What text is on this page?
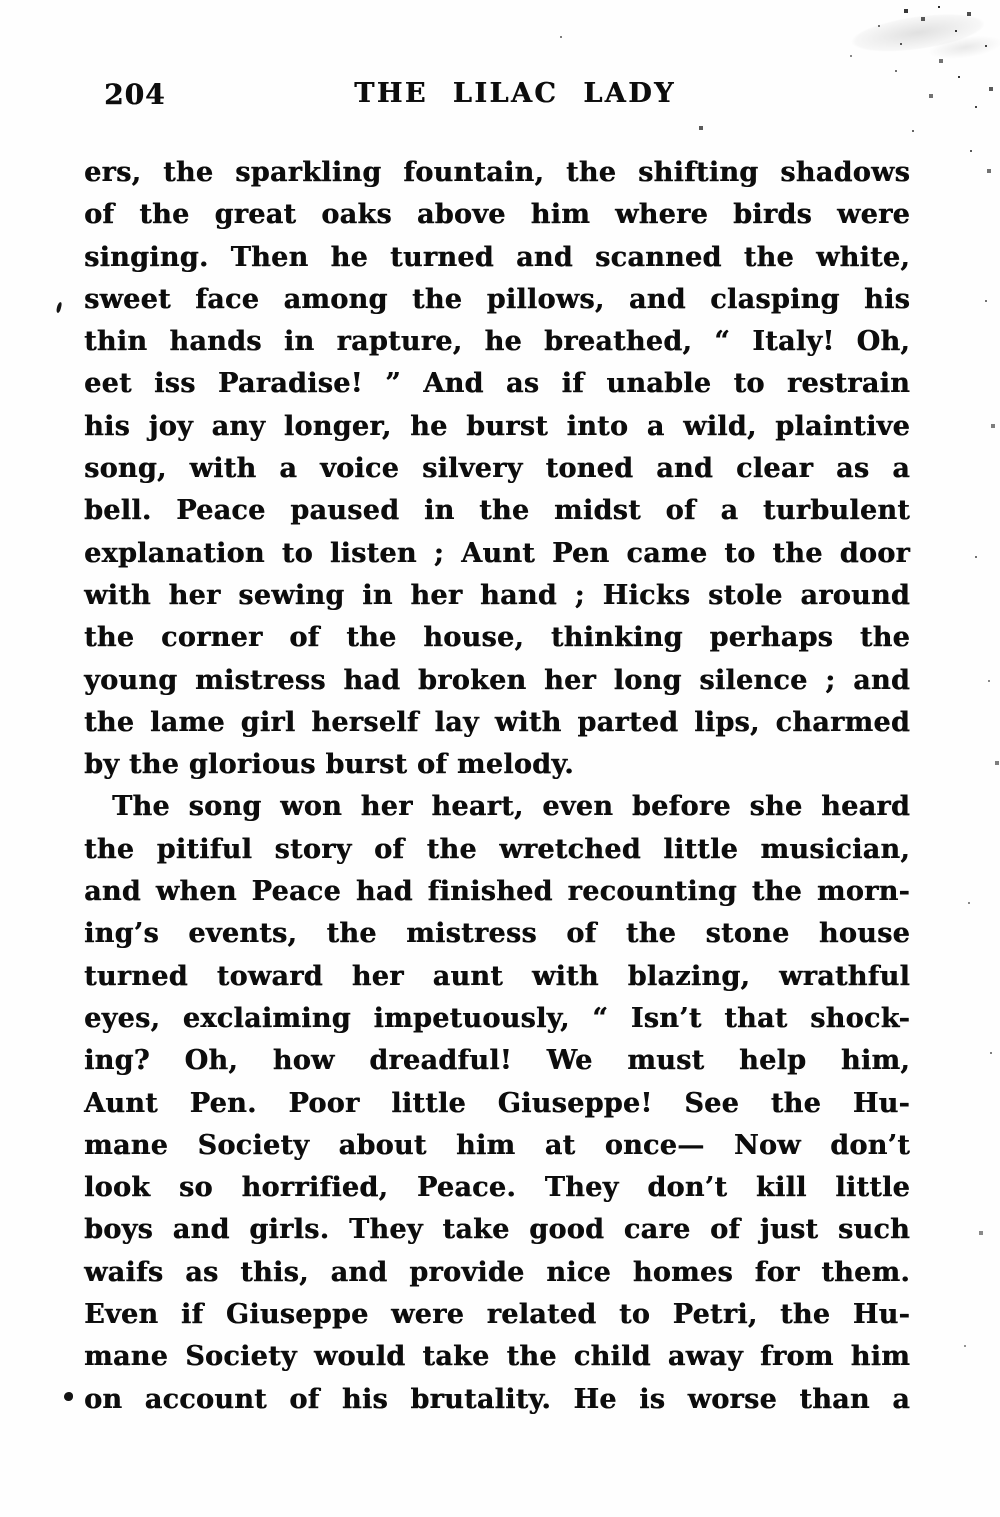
204	THE LILAC LADY

ers, the sparkling fountain, the shifting shadows
of the great oaks above him where birds were
singing. Then he turned and scanned the white,
sweet face among the pillows, and clasping his
thin hands in rapture, he breathed, “ Italy! Oh,
eet iss Paradise! ” And as if unable to restrain
his joy any longer, he burst into a wild, plaintive
song, with a voice silvery toned and clear as a
bell. Peace paused in the midst of a turbulent
explanation to listen ; Aunt Pen came to the door
with her sewing in her hand ; Hicks stole around
the corner of the house, thinking perhaps the
young mistress had broken her long silence ; and
the lame girl herself lay with parted lips, charmed
by the glorious burst of melody.

The song won her heart, even before she heard
the pitiful story of the wretched little musician,
and when Peace had finished recounting the morn-
ing’s events, the mistress of the stone house
turned toward her aunt with blazing, wrathful
eyes, exclaiming impetuously, “ Isn’t that shock-
ing? Oh, how dreadful! We must help him,
Aunt Pen. Poor little Giuseppe! See the Hu-
mane Society about him at once— Now don’t
look so horrified, Peace. They don’t kill little
boys and girls. They take good care of just such
waifs as this, and provide nice homes for them.
Even if Giuseppe were related to Petri, the Hu-
mane Society would take the child away from him
on account of his brutality. He is worse than a
